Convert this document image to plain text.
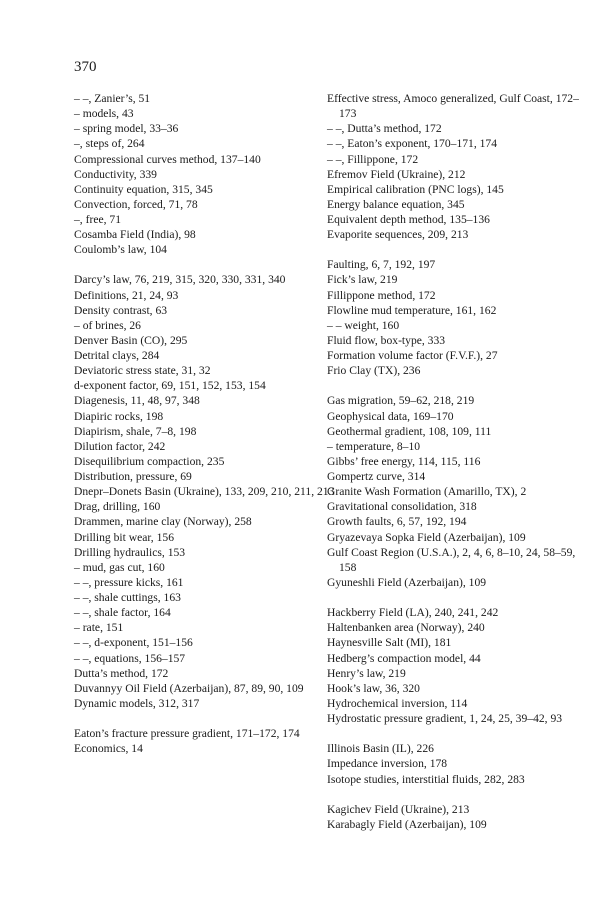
370
– –, Zanier’s, 51
– models, 43
– spring model, 33–36
–, steps of, 264
Compressional curves method, 137–140
Conductivity, 339
Continuity equation, 315, 345
Convection, forced, 71, 78
–, free, 71
Cosamba Field (India), 98
Coulomb’s law, 104
Darcy’s law, 76, 219, 315, 320, 330, 331, 340
Definitions, 21, 24, 93
Density contrast, 63
– of brines, 26
Denver Basin (CO), 295
Detrital clays, 284
Deviatoric stress state, 31, 32
d-exponent factor, 69, 151, 152, 153, 154
Diagenesis, 11, 48, 97, 348
Diapiric rocks, 198
Diapirism, shale, 7–8, 198
Dilution factor, 242
Disequilibrium compaction, 235
Distribution, pressure, 69
Dnepr–Donets Basin (Ukraine), 133, 209, 210, 211, 213
Drag, drilling, 160
Drammen, marine clay (Norway), 258
Drilling bit wear, 156
Drilling hydraulics, 153
– mud, gas cut, 160
– –, pressure kicks, 161
– –, shale cuttings, 163
– –, shale factor, 164
– rate, 151
– –, d-exponent, 151–156
– –, equations, 156–157
Dutta’s method, 172
Duvannyy Oil Field (Azerbaijan), 87, 89, 90, 109
Dynamic models, 312, 317
Eaton’s fracture pressure gradient, 171–172, 174
Economics, 14
Effective stress, Amoco generalized, Gulf Coast, 172–173
– –, Dutta’s method, 172
– –, Eaton’s exponent, 170–171, 174
– –, Fillippone, 172
Efremov Field (Ukraine), 212
Empirical calibration (PNC logs), 145
Energy balance equation, 345
Equivalent depth method, 135–136
Evaporite sequences, 209, 213
Faulting, 6, 7, 192, 197
Fick’s law, 219
Fillippone method, 172
Flowline mud temperature, 161, 162
– – weight, 160
Fluid flow, box-type, 333
Formation volume factor (F.V.F.), 27
Frio Clay (TX), 236
Gas migration, 59–62, 218, 219
Geophysical data, 169–170
Geothermal gradient, 108, 109, 111
– temperature, 8–10
Gibbs’ free energy, 114, 115, 116
Gompertz curve, 314
Granite Wash Formation (Amarillo, TX), 2
Gravitational consolidation, 318
Growth faults, 6, 57, 192, 194
Gryazevaya Sopka Field (Azerbaijan), 109
Gulf Coast Region (U.S.A.), 2, 4, 6, 8–10, 24, 58–59, 158
Gyuneshli Field (Azerbaijan), 109
Hackberry Field (LA), 240, 241, 242
Haltenbanken area (Norway), 240
Haynesville Salt (MI), 181
Hedberg’s compaction model, 44
Henry’s law, 219
Hook’s law, 36, 320
Hydrochemical inversion, 114
Hydrostatic pressure gradient, 1, 24, 25, 39–42, 93
Illinois Basin (IL), 226
Impedance inversion, 178
Isotope studies, interstitial fluids, 282, 283
Kagichev Field (Ukraine), 213
Karabagly Field (Azerbaijan), 109
